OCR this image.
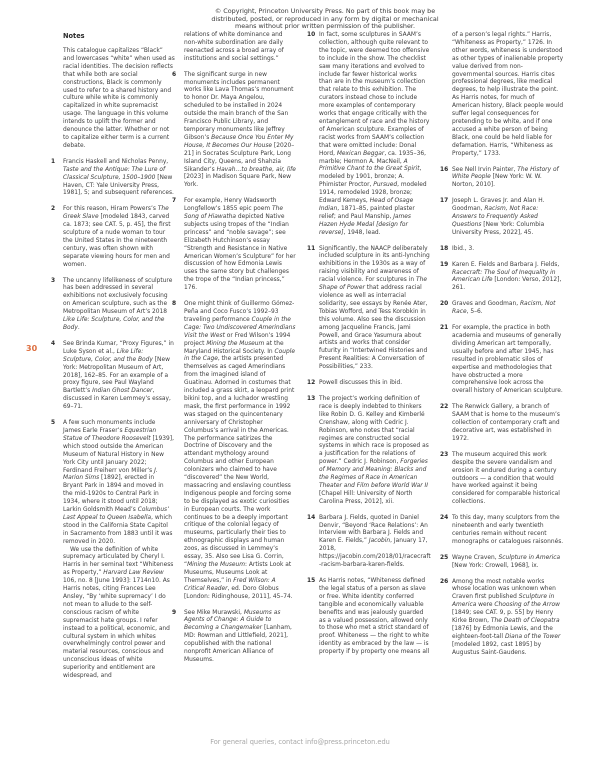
© Copyright, Princeton University Press. No part of this book may be
distributed, posted, or reproduced in any form by digital or mechanical
means without prior written permission of the publisher.
Notes

This catalogue capitalizes “Black” and lowercases “white” when used as racial identities. The decision reflects that while both are social constructions, Black is commonly used to refer to a shared history and culture while white is commonly capitalized in white supremacist usage. The language in this volume intends to uplift the former and denounce the latter. Whether or not to capitalize either term is a current debate.

1	Francis Haskell and Nicholas Penny, Taste and the Antique: The Lure of Classical Sculpture, 1500–1900 [New Haven, CT: Yale University Press, 1981], 5; and subsequent references.

2	For this reason, Hiram Powers’s The Greek Slave [modeled 1843, carved ca. 1873; see CAT. 5, p. 45], the first sculpture of a nude woman to tour the United States in the nineteenth century, was often shown with separate viewing hours for men and women.

3	The uncanny lifelikeness of sculpture has been addressed in several exhibitions not exclusively focusing on American sculpture, such as the Metropolitan Museum of Art’s 2018 Like Life: Sculpture, Color, and the Body.

4	See Brinda Kumar, “Proxy Figures,” in Luke Syson et al., Like Life: Sculpture, Color, and the Body [New York: Metropolitan Museum of Art, 2018], 162–85. For an example of a proxy figure, see Paul Wayland Bartlett’s Indian Ghost Dancer, discussed in Karen Lemmey’s essay, 69–71.

5	A few such monuments include James Earle Fraser’s Equestrian Statue of Theodore Roosevelt [1939], which stood outside the American Museum of Natural History in New York City until January 2022; Ferdinand Freiherr von Miller’s J. Marion Sims [1892], erected in Bryant Park in 1894 and moved in the mid-1920s to Central Park in 1934, where it stood until 2018; Larkin Goldsmith Mead’s Columbus’ Last Appeal to Queen Isabella, which stood in the California State Capitol in Sacramento from 1883 until it was removed in 2020.

We use the definition of white supremacy articulated by Cheryl I. Harris in her seminal text “Whiteness as Property,” Harvard Law Review 106, no. 8 [June 1993]: 1714n10. As Harris notes, citing Frances Lee Ansley, “By ‘white supremacy’ I do not mean to allude to the self-conscious racism of white supremacist hate groups. I refer instead to a political, economic, and cultural system in which whites overwhelmingly control power and material resources, conscious and unconscious ideas of white superiority and entitlement are widespread, and

relations of white dominance and non-white subordination are daily reenacted across a broad array of institutions and social settings.”

6	The significant surge in new monuments includes permanent works like Lava Thomas’s monument to honor Dr. Maya Angelou, scheduled to be installed in 2024 outside the main branch of the San Francisco Public Library, and temporary monuments like Jeffrey Gibson’s Because Once You Enter My House, It Becomes Our House [2020–21] in Socrates Sculpture Park, Long Island City, Queens, and Shahzia Sikander’s Havah…to breathe, air, life [2023] in Madison Square Park, New York.

7	For example, Henry Wadsworth Longfellow’s 1855 epic poem The Song of Hiawatha depicted Native subjects using tropes of the “Indian princess” and “noble savage”; see Elizabeth Hutchinson’s essay “Strength and Resistance in Native American Women’s Sculpture” for her discussion of how Edmonia Lewis uses the same story but challenges the trope of the “Indian princess,” 176.

8	One might think of Guillermo Gómez-Peña and Coco Fusco’s 1992–93 traveling performance Couple in the Cage: Two Undiscovered Amerindians Visit the West or Fred Wilson’s 1994 project Mining the Museum at the Maryland Historical Society. In Couple in the Cage, the artists presented themselves as caged Amerindians from the imagined island of Guatinau. Adorned in costumes that included a grass skirt, a leopard print bikini top, and a luchador wrestling mask, the first performance in 1992 was staged on the quincentenary anniversary of Christopher Columbus’s arrival in the Americas. The performance satirizes the Doctrine of Discovery and the attendant mythology around Columbus and other European colonizers who claimed to have “discovered” the New World, massacring and enslaving countless Indigenous people and forcing some to be displayed as exotic curiosities in European courts. The work continues to be a deeply important critique of the colonial legacy of museums, particularly their ties to ethnographic displays and human zoos, as discussed in Lemmey’s essay, 35. Also see Lisa G. Corrin, “Mining the Museum: Artists Look at Museums, Museums Look at Themselves,” in Fred Wilson: A Critical Reader, ed. Doro Globus [London: Ridinghouse, 2011], 45–74.

9	See Mike Murawski, Museums as Agents of Change: A Guide to Becoming a Changemaker [Lanham, MD: Rowman and Littlefield, 2021], copublished with the national nonprofit American Alliance of Museums.

10 In fact, some sculptures in SAAM’s collection, although quite relevant to the topic, were deemed too offensive to include in the show. The checklist saw many iterations and evolved to include far fewer historical works than are in the museum’s collection that relate to this exhibition. The curators instead chose to include more examples of contemporary works that engage critically with the entanglement of race and the history of American sculpture. Examples of racist works from SAAM’s collection that were omitted include: Donal Hord, Mexican Beggar, ca. 1935–36, marble; Hermon A. MacNeil, A Primitive Chant to the Great Spirit, modeled by 1901, bronze; A. Phimister Proctor, Pursued, modeled 1914, remodeled 1928, bronze; Edward Kemeys, Head of Osage Indian, 1871–85, painted plaster relief; and Paul Manship, James Hazen Hyde Medal [design for reverse], 1948, lead.

11 Significantly, the NAACP deliberately included sculpture in its anti-lynching exhibitions in the 1930s as a way of raising visibility and awareness of racial violence. For sculptures in The Shape of Power that address racial violence as well as interracial solidarity, see essays by Renée Ater, Tobias Wofford, and Tess Korobkin in this volume. Also see the discussion among Jacqueline Francis, Jami Powell, and Grace Yasumura about artists and works that consider futurity in “Intertwined Histories and Present Realities: A Conversation of Possibilities,” 233.

12 Powell discusses this in ibid.

13 The project’s working definition of race is deeply indebted to thinkers like Robin D. G. Kelley and Kimberlé Crenshaw, along with Cedric J. Robinson, who notes that “racial regimes are constructed social systems in which race is proposed as a justification for the relations of power.” Cedric J. Robinson, Forgeries of Memory and Meaning: Blacks and the Regimes of Race in American Theater and Film before World War II [Chapel Hill: University of North Carolina Press, 2012], xii.

14 Barbara J. Fields, quoted in Daniel Denvir, “Beyond ‘Race Relations’: An Interview with Barbara J. Fields and Karen E. Fields,” Jacobin, January 17, 2018, https://jacobin.com/2018/01/racecraft-racism-barbara-karen-fields.

15 As Harris notes, “Whiteness defined the legal status of a person as slave or free. White identity conferred tangible and economically valuable benefits and was jealously guarded as a valued possession, allowed only to those who met a strict standard of proof. Whiteness — the right to white identity as embraced by the law — is property if by property one means all

of a person’s legal rights.” Harris, “Whiteness as Property,” 1726. In other words, whiteness is understood as other types of inalienable property value derived from non-governmental sources. Harris cites professional degrees, like medical degrees, to help illustrate the point. As Harris notes, for much of American history, Black people would suffer legal consequences for pretending to be white, and if one accused a white person of being Black, one could be held liable for defamation. Harris, “Whiteness as Property,” 1733.

16 See Nell Irvin Painter, The History of White People [New York: W. W. Norton, 2010].

17 Joseph L. Graves Jr. and Alan H. Goodman, Racism, Not Race: Answers to Frequently Asked Questions [New York: Columbia University Press, 2022], 45.

18 Ibid., 3.

19 Karen E. Fields and Barbara J. Fields, Racecraft: The Soul of Inequality in American Life [London: Verso, 2012], 261.

20 Graves and Goodman, Racism, Not Race, 5–6.

21 For example, the practice in both academia and museums of generally dividing American art temporally, usually before and after 1945, has resulted in problematic silos of expertise and methodologies that have obstructed a more comprehensive look across the overall history of American sculpture.

22 The Renwick Gallery, a branch of SAAM that is home to the museum’s collection of contemporary craft and decorative art, was established in 1972.

23 The museum acquired this work despite the severe vandalism and erosion it endured during a century outdoors — a condition that would have worked against it being considered for comparable historical collections.

24 To this day, many sculptors from the nineteenth and early twentieth centuries remain without recent monographs or catalogues raisonnés.

25 Wayne Craven, Sculpture in America [New York: Crowell, 1968], ix.

26 Among the most notable works whose location was unknown when Craven first published Sculpture in America were Choosing of the Arrow [1849; see CAT. 9, p. 55] by Henry Kirke Brown, The Death of Cleopatra [1876] by Edmonia Lewis, and the eighteen-foot-tall Diana of the Tower [modeled 1892, cast 1895] by Augustus Saint-Gaudens.

30
For general queries, contact info@press.princeton.edu
